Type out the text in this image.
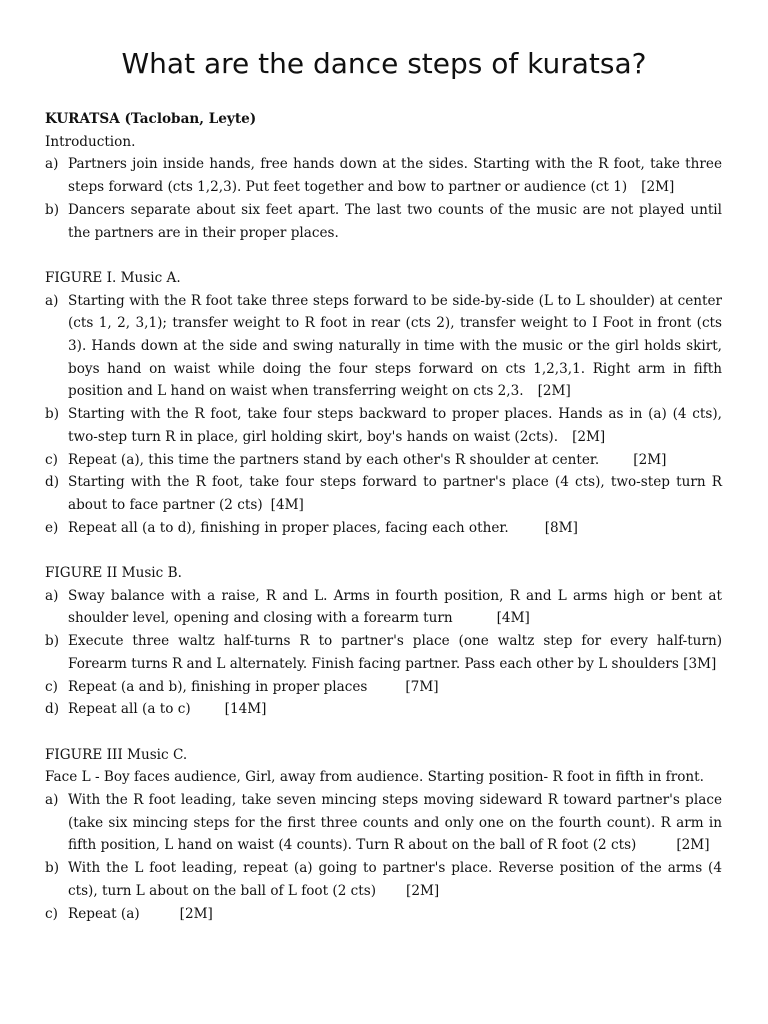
What are the dance steps of kuratsa?
KURATSA (Tacloban, Leyte)
Introduction.
a) Partners join inside hands, free hands down at the sides. Starting with the R foot, take three steps forward (cts 1,2,3). Put feet together and bow to partner or audience (ct 1) [2M]
b) Dancers separate about six feet apart. The last two counts of the music are not played until the partners are in their proper places.
FIGURE I. Music A.
a) Starting with the R foot take three steps forward to be side-by-side (L to L shoulder) at center (cts 1, 2, 3,1); transfer weight to R foot in rear (cts 2), transfer weight to I Foot in front (cts 3). Hands down at the side and swing naturally in time with the music or the girl holds skirt, boys hand on waist while doing the four steps forward on cts 1,2,3,1. Right arm in fifth position and L hand on waist when transferring weight on cts 2,3. [2M]
b) Starting with the R foot, take four steps backward to proper places. Hands as in (a) (4 cts), two-step turn R in place, girl holding skirt, boy's hands on waist (2cts). [2M]
c) Repeat (a), this time the partners stand by each other's R shoulder at center.	[2M]
d) Starting with the R foot, take four steps forward to partner's place (4 cts), two-step turn R about to face partner (2 cts) [4M]
e) Repeat all (a to d), finishing in proper places, facing each other.	[8M]
FIGURE II Music B.
a) Sway balance with a raise, R and L. Arms in fourth position, R and L arms high or bent at shoulder level, opening and closing with a forearm turn	[4M]
b) Execute three waltz half-turns R to partner's place (one waltz step for every half-turn) Forearm turns R and L alternately. Finish facing partner. Pass each other by L shoulders [3M]
c) Repeat (a and b), finishing in proper places	[7M]
d) Repeat all (a to c)	[14M]
FIGURE III Music C.
Face L - Boy faces audience, Girl, away from audience. Starting position- R foot in fifth in front.
a) With the R foot leading, take seven mincing steps moving sideward R toward partner's place (take six mincing steps for the first three counts and only one on the fourth count). R arm in fifth position, L hand on waist (4 counts). Turn R about on the ball of R foot (2 cts)	[2M]
b) With the L foot leading, repeat (a) going to partner's place. Reverse position of the arms (4 cts), turn L about on the ball of L foot (2 cts) [2M]
c) Repeat (a)	[2M]
